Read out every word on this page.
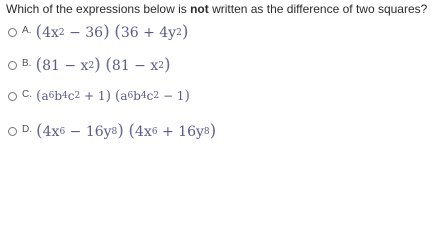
Which of the expressions below is not written as the difference of two squares?
A. ( $4x^2 - 36$ )
( $36 + 4y^2$ )
B. ( $81 - x^2$ )
( $81 - x^2$ )
C. ( $a^6$ $b^4$ $c^2 + 1$ )
( $a^6$ $b^4$ $c^2 - 1$ )
D. ( $4x^6 - 16y^8$ )
( $4x^6 + 16y^8$ )
